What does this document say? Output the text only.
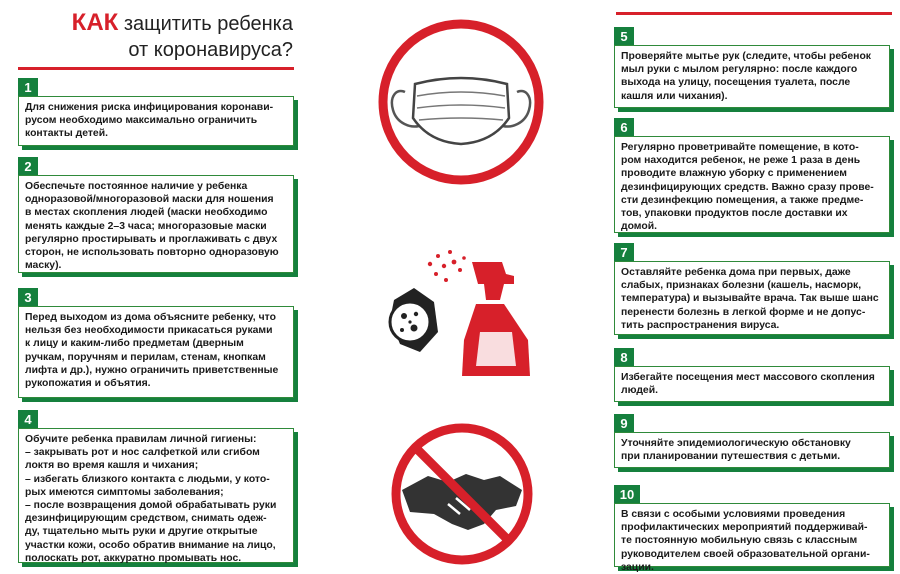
КАК защитить ребенка
от коронавируса?
1

Для снижения риска инфицирования коронави-
русом необходимо максимально ограничить
контакты детей.

2

Обеспечьте постоянное наличие у ребенка
одноразовой/многоразовой маски для ношения
в местах скопления людей (маски необходимо
менять каждые 2–3 часа; многоразовые маски
регулярно простирывать и проглаживать с двух
сторон, не использовать повторно одноразовую
маску).

3

Перед выходом из дома объясните ребенку, что
нельзя без необходимости прикасаться руками
к лицу и каким-либо предметам (дверным
ручкам, поручням и перилам, стенам, кнопкам
лифта и др.), нужно ограничить приветственные
рукопожатия и объятия.

4

Обучите ребенка правилам личной гигиены:
– закрывать рот и нос салфеткой или сгибом
локтя во время кашля и чихания;
– избегать близкого контакта с людьми, у кото-
рых имеются симптомы заболевания;
– после возвращения домой обрабатывать руки
дезинфицирующим средством, снимать одеж-
ду, тщательно мыть руки и другие открытые
участки кожи, особо обратив внимание на лицо,
полоскать рот, аккуратно промывать нос.

5

Проверяйте мытье рук (следите, чтобы ребенок
мыл руки с мылом регулярно: после каждого
выхода на улицу, посещения туалета, после
кашля или чихания).

6

Регулярно проветривайте помещение, в кото-
ром находится ребенок, не реже 1 раза в день
проводите влажную уборку с применением
дезинфицирующих средств. Важно сразу прове-
сти дезинфекцию помещения, а также предме-
тов, упаковки продуктов после доставки их
домой.

7

Оставляйте ребенка дома при первых, даже
слабых, признаках болезни (кашель, насморк,
температура) и вызывайте врача. Так выше шанс
перенести болезнь в легкой форме и не допус-
тить распространения вируса.

8

Избегайте посещения мест массового скопления
людей.

9

Уточняйте эпидемиологическую обстановку
при планировании путешествия с детьми.

10

В связи с особыми условиями проведения
профилактических мероприятий поддерживай-
те постоянную мобильную связь с классным
руководителем своей образовательной органи-
зации.
